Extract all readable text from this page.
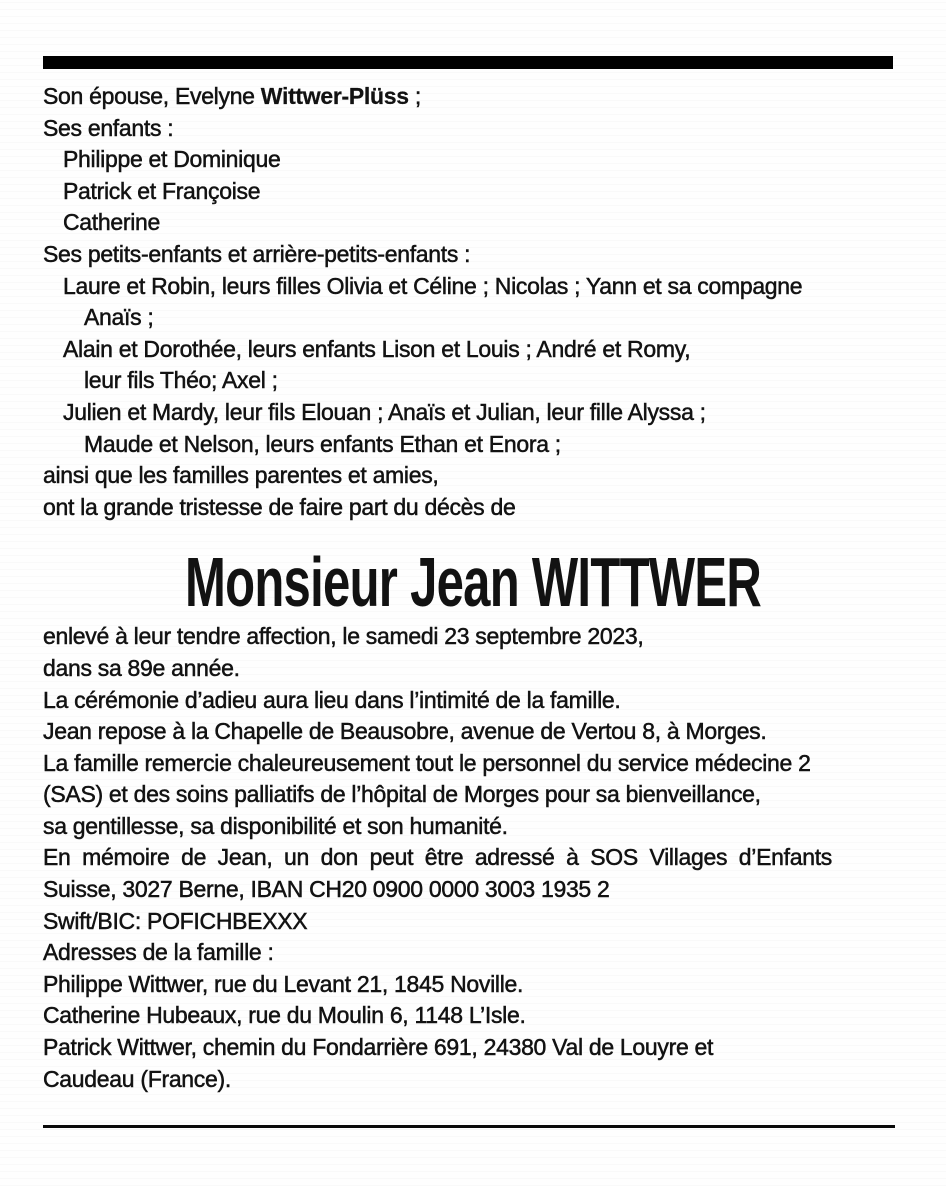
Son épouse, Evelyne Wittwer-Plüss ;
Ses enfants :
Philippe et Dominique
Patrick et Françoise
Catherine
Ses petits-enfants et arrière-petits-enfants :
Laure et Robin, leurs filles Olivia et Céline ; Nicolas ; Yann et sa compagne
Anaïs ;
Alain et Dorothée, leurs enfants Lison et Louis ; André et Romy,
leur fils Théo; Axel ;
Julien et Mardy, leur fils Elouan ; Anaïs et Julian, leur fille Alyssa ;
Maude et Nelson, leurs enfants Ethan et Enora ;
ainsi que les familles parentes et amies,
ont la grande tristesse de faire part du décès de
Monsieur Jean WITTWER
enlevé à leur tendre affection, le samedi 23 septembre 2023,
dans sa 89e année.
La cérémonie d’adieu aura lieu dans l’intimité de la famille.
Jean repose à la Chapelle de Beausobre, avenue de Vertou 8, à Morges.
La famille remercie chaleureusement tout le personnel du service médecine 2
(SAS) et des soins palliatifs de l’hôpital de Morges pour sa bienveillance,
sa gentillesse, sa disponibilité et son humanité.
En mémoire de Jean, un don peut être adressé à SOS Villages d’Enfants
Suisse, 3027 Berne, IBAN CH20 0900 0000 3003 1935 2
Swift/BIC: POFICHBEXXX
Adresses de la famille :
Philippe Wittwer, rue du Levant 21, 1845 Noville.
Catherine Hubeaux, rue du Moulin 6, 1148 L’Isle.
Patrick Wittwer, chemin du Fondarrière 691, 24380 Val de Louyre et
Caudeau (France).
